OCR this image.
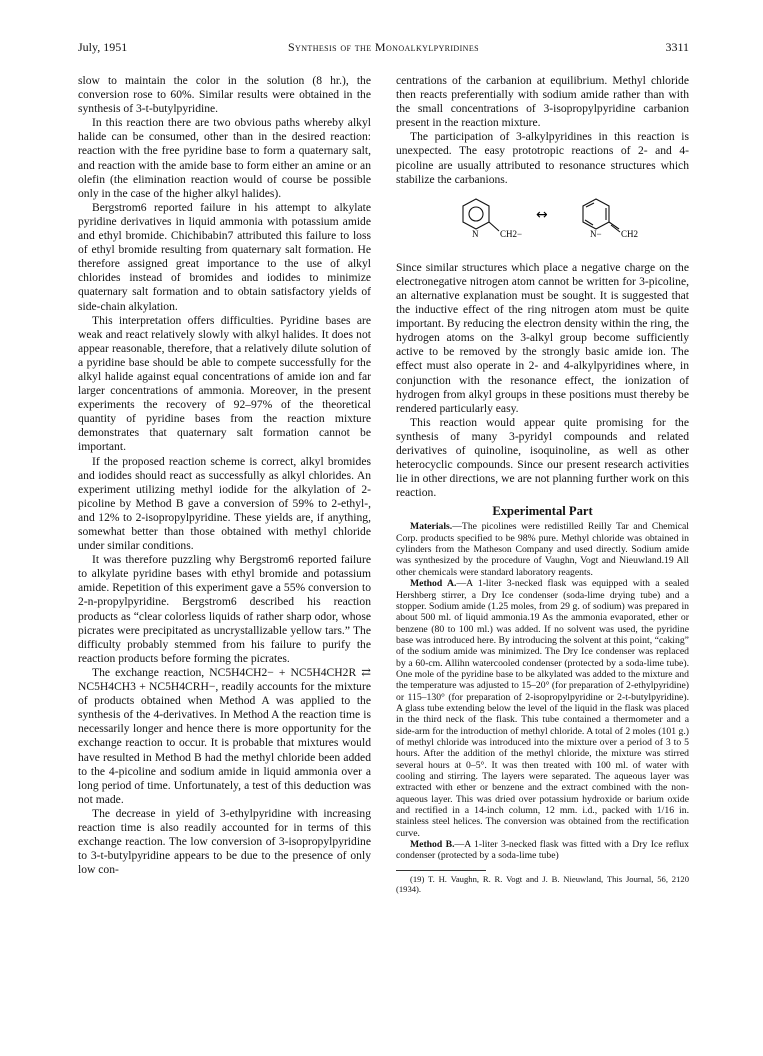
July, 1951	Synthesis of the Monoalkylpyridines	3311

slow to maintain the color in the solution (8 hr.), the conversion rose to 60%. Similar results were obtained in the synthesis of 3-t-butylpyridine.

In this reaction there are two obvious paths whereby alkyl halide can be consumed, other than in the desired reaction: reaction with the free pyridine base to form a quaternary salt, and reaction with the amide base to form either an amine or an olefin (the elimination reaction would of course be possible only in the case of the higher alkyl halides).

Bergstrom6 reported failure in his attempt to alkylate pyridine derivatives in liquid ammonia with potassium amide and ethyl bromide. Chichibabin7 attributed this failure to loss of ethyl bromide resulting from quaternary salt formation. He therefore assigned great importance to the use of alkyl chlorides instead of bromides and iodides to minimize quaternary salt formation and to obtain satisfactory yields of side-chain alkylation.

This interpretation offers difficulties. Pyridine bases are weak and react relatively slowly with alkyl halides. It does not appear reasonable, therefore, that a relatively dilute solution of a pyridine base should be able to compete successfully for the alkyl halide against equal concentrations of amide ion and far larger concentrations of ammonia. Moreover, in the present experiments the recovery of 92–97% of the theoretical quantity of pyridine bases from the reaction mixture demonstrates that quaternary salt formation cannot be important.

If the proposed reaction scheme is correct, alkyl bromides and iodides should react as successfully as alkyl chlorides. An experiment utilizing methyl iodide for the alkylation of 2-picoline by Method B gave a conversion of 59% to 2-ethyl-, and 12% to 2-isopropylpyridine. These yields are, if anything, somewhat better than those obtained with methyl chloride under similar conditions.

It was therefore puzzling why Bergstrom6 reported failure to alkylate pyridine bases with ethyl bromide and potassium amide. Repetition of this experiment gave a 55% conversion to 2-n-propylpyridine. Bergstrom6 described his reaction products as “clear colorless liquids of rather sharp odor, whose picrates were precipitated as uncrystallizable yellow tars.” The difficulty probably stemmed from his failure to purify the reaction products before forming the picrates.

The exchange reaction, NC5H4CH2− + NC5H4CH2R ⇄ NC5H4CH3 + NC5H4CRH−, readily accounts for the mixture of products obtained when Method A was applied to the synthesis of the 4-derivatives. In Method A the reaction time is necessarily longer and hence there is more opportunity for the exchange reaction to occur. It is probable that mixtures would have resulted in Method B had the methyl chloride been added to the 4-picoline and sodium amide in liquid ammonia over a long period of time. Unfortunately, a test of this deduction was not made.

The decrease in yield of 3-ethylpyridine with increasing reaction time is also readily accounted for in terms of this exchange reaction. The low conversion of 3-isopropylpyridine to 3-t-butylpyridine appears to be due to the presence of only low con-

centrations of the carbanion at equilibrium. Methyl chloride then reacts preferentially with sodium amide rather than with the small concentrations of 3-isopropylpyridine carbanion present in the reaction mixture.

The participation of 3-alkylpyridines in this reaction is unexpected. The easy prototropic reactions of 2- and 4-picoline are usually attributed to resonance structures which stabilize the carbanions.

N CH2−
↔
N− CH2

Since similar structures which place a negative charge on the electronegative nitrogen atom cannot be written for 3-picoline, an alternative explanation must be sought. It is suggested that the inductive effect of the ring nitrogen atom must be quite important. By reducing the electron density within the ring, the hydrogen atoms on the 3-alkyl group become sufficiently active to be removed by the strongly basic amide ion. The effect must also operate in 2- and 4-alkylpyridines where, in conjunction with the resonance effect, the ionization of hydrogen from alkyl groups in these positions must thereby be rendered particularly easy.

This reaction would appear quite promising for the synthesis of many 3-pyridyl compounds and related derivatives of quinoline, isoquinoline, as well as other heterocyclic compounds. Since our present research activities lie in other directions, we are not planning further work on this reaction.

Experimental Part

Materials.—The picolines were redistilled Reilly Tar and Chemical Corp. products specified to be 98% pure. Methyl chloride was obtained in cylinders from the Matheson Company and used directly. Sodium amide was synthesized by the procedure of Vaughn, Vogt and Nieuwland.19 All other chemicals were standard laboratory reagents.

Method A.—A 1-liter 3-necked flask was equipped with a sealed Hershberg stirrer, a Dry Ice condenser (soda-lime drying tube) and a stopper. Sodium amide (1.25 moles, from 29 g. of sodium) was prepared in about 500 ml. of liquid ammonia.19 As the ammonia evaporated, ether or benzene (80 to 100 ml.) was added. If no solvent was used, the pyridine base was introduced here. By introducing the solvent at this point, “caking” of the sodium amide was minimized. The Dry Ice condenser was replaced by a 60-cm. Allihn watercooled condenser (protected by a soda-lime tube). One mole of the pyridine base to be alkylated was added to the mixture and the temperature was adjusted to 15–20° (for preparation of 2-ethylpyridine) or 115–130° (for preparation of 2-isopropylpyridine or 2-t-butylpyridine). A glass tube extending below the level of the liquid in the flask was placed in the third neck of the flask. This tube contained a thermometer and a side-arm for the introduction of methyl chloride. A total of 2 moles (101 g.) of methyl chloride was introduced into the mixture over a period of 3 to 5 hours. After the addition of the methyl chloride, the mixture was stirred several hours at 0–5°. It was then treated with 100 ml. of water with cooling and stirring. The layers were separated. The aqueous layer was extracted with ether or benzene and the extract combined with the non-aqueous layer. This was dried over potassium hydroxide or barium oxide and rectified in a 14-inch column, 12 mm. i.d., packed with 1/16 in. stainless steel helices. The conversion was obtained from the rectification curve.

Method B.—A 1-liter 3-necked flask was fitted with a Dry Ice reflux condenser (protected by a soda-lime tube)

(19) T. H. Vaughn, R. R. Vogt and J. B. Nieuwland, This Journal, 56, 2120 (1934).
